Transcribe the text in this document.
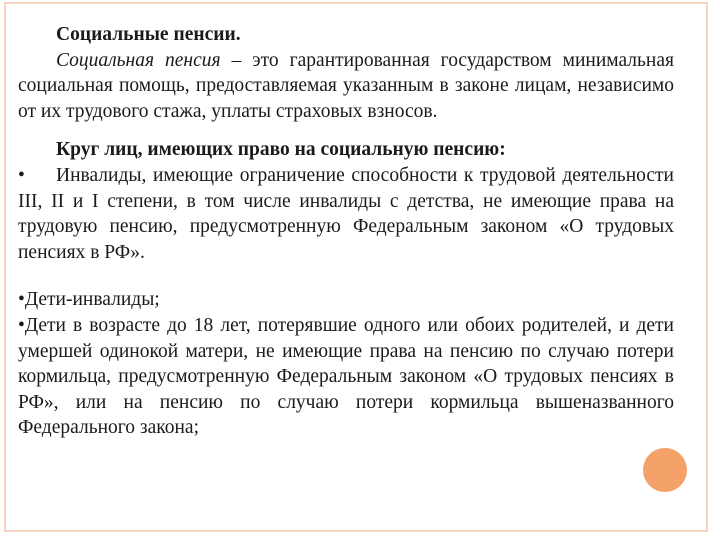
Социальные пенсии.

Социальная пенсия – это гарантированная государством минимальная социальная помощь, предоставляемая указанным в законе лицам, независимо от их трудового стажа, уплаты страховых взносов.

Круг лиц, имеющих право на социальную пенсию:

•	Инвалиды, имеющие ограничение способности к трудовой деятельности III, II и I степени, в том числе инвалиды с детства, не имеющие права на трудовую пенсию, предусмотренную Федеральным законом «О трудовых пенсиях в РФ».

•Дети-инвалиды;

•Дети в возрасте до 18 лет, потерявшие одного или обоих родителей, и дети умершей одинокой матери, не имеющие права на пенсию по случаю потери кормильца, предусмотренную Федеральным законом «О трудовых пенсиях в РФ», или на пенсию по случаю потери кормильца вышеназванного Федерального закона;
